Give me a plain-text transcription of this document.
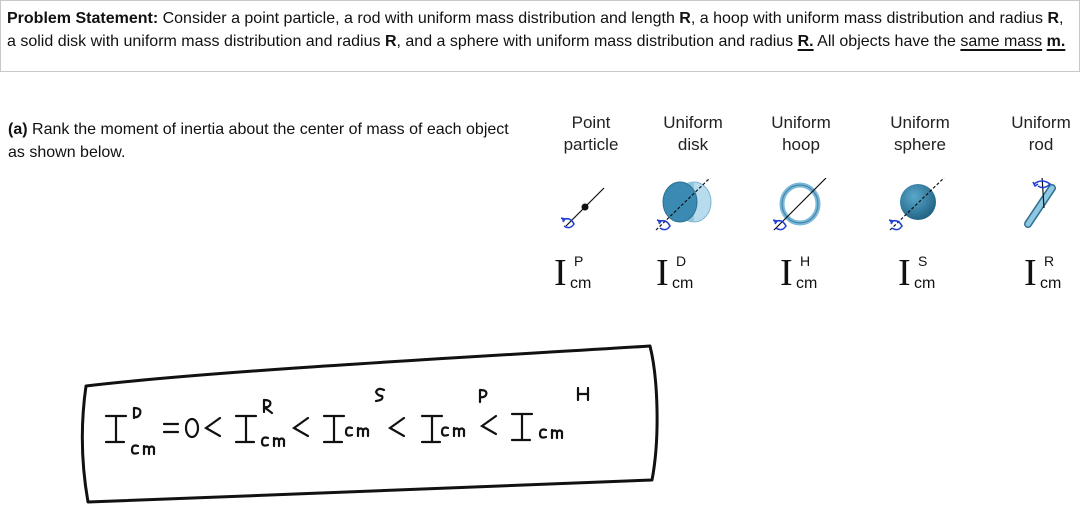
Problem Statement: Consider a point particle, a rod with uniform mass distribution and length R, a hoop with uniform mass distribution and radius R, a solid disk with uniform mass distribution and radius R, and a sphere with uniform mass distribution and radius R. All objects have the same mass m.
(a) Rank the moment of inertia about the center of mass of each object as shown below.
Point
particle
Uniform
disk
Uniform
hoop
Uniform
sphere
Uniform
rod
I P
cm I D
cm I H
cm I S
cm I R
cm
